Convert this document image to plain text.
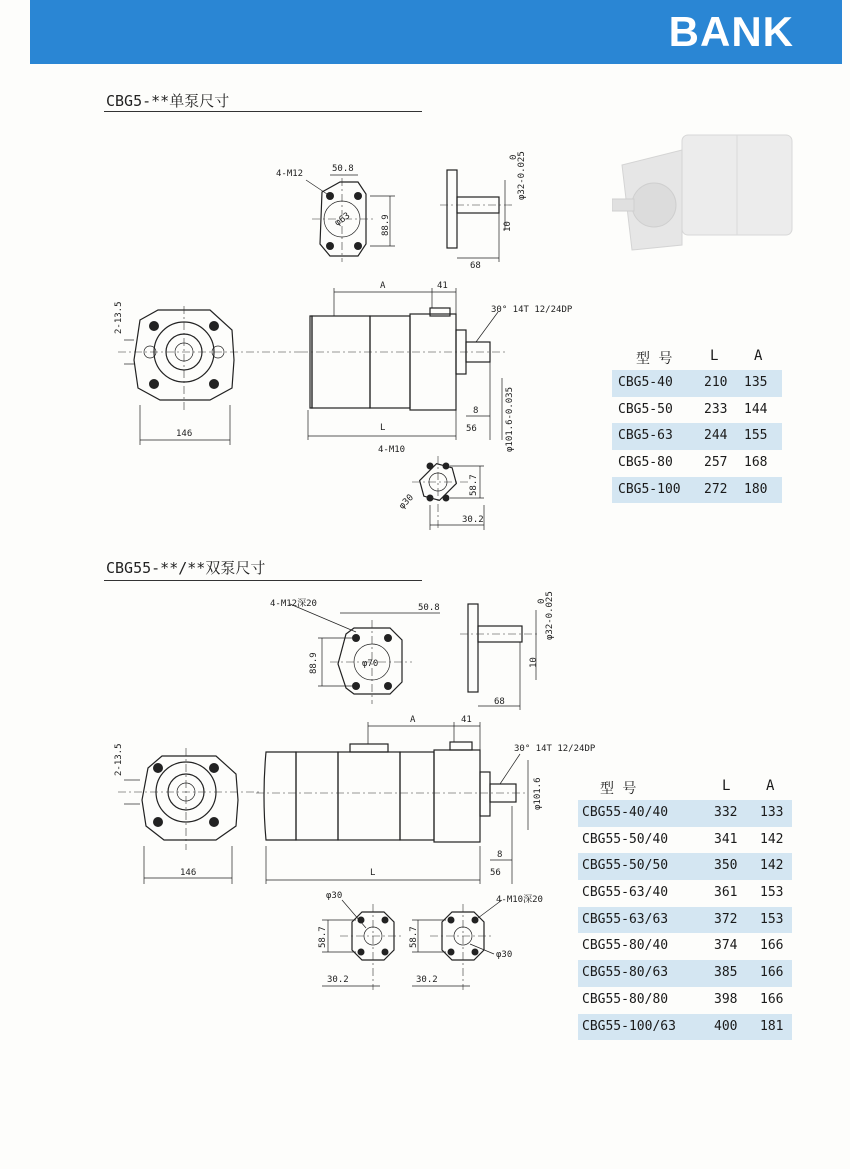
BANK
CBG5-**单泵尺寸
CBG55-**/**双泵尺寸
4-M12	50.8
φ63	88.9
φ32-0.025
0
10
68
2-13.5
146
A	41
30° 14T 12/24DP
L
8
56	φ101.6-0.035
4-M10
58.7
φ30
30.2
4-M12深20	50.8
φ70
88.9
φ32-0.025
0
10
68
2-13.5
146
A	41
30° 14T 12/24DP
φ101.6
L
8
56
φ30
58.7
30.2
4-M10深20
58.7
φ30
30.2
型 号	L	A
CBG5-40 210 135
CBG5-50 233 144
CBG5-63 244 155
CBG5-80 257 168
CBG5-100 272 180
型 号	L	A
CBG55-40/40	332 133
CBG55-50/40	341 142
CBG55-50/50	350 142
CBG55-63/40	361 153
CBG55-63/63	372 153
CBG55-80/40	374 166
CBG55-80/63	385 166
CBG55-80/80	398 166
CBG55-100/63	400 181
